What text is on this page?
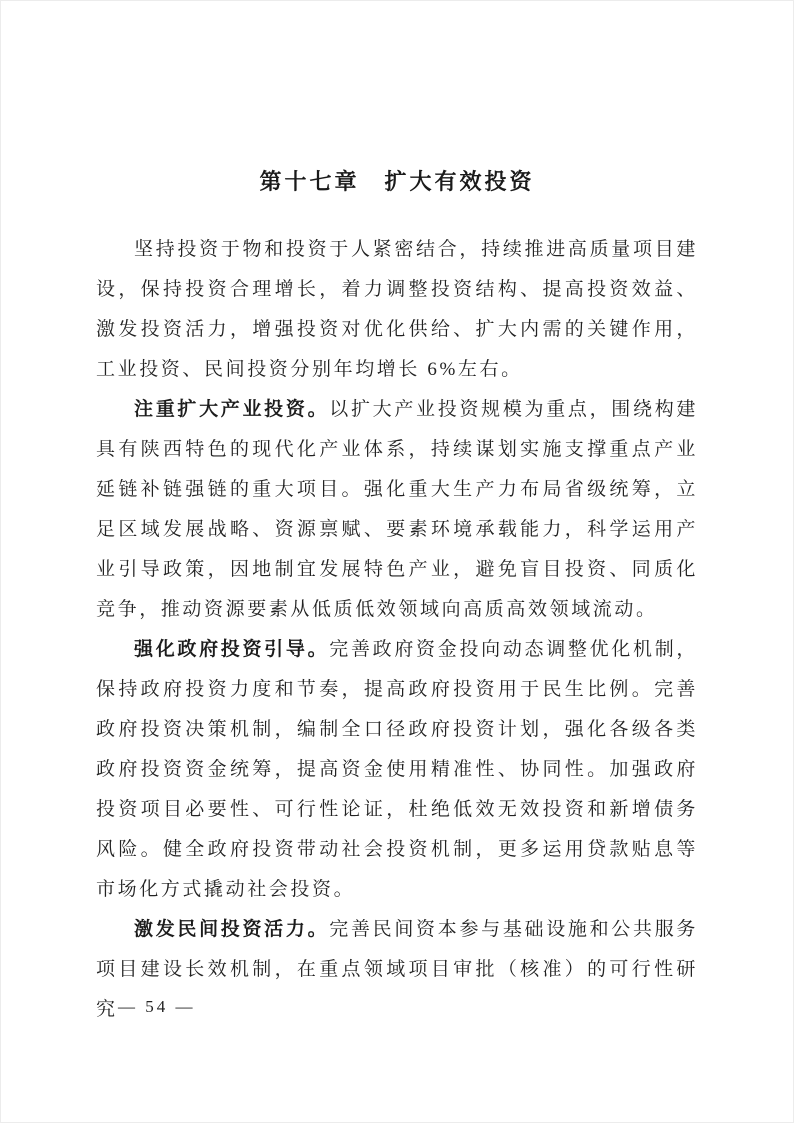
第十七章　扩大有效投资

坚持投资于物和投资于人紧密结合，持续推进高质量项目建设，保持投资合理增长，着力调整投资结构、提高投资效益、激发投资活力，增强投资对优化供给、扩大内需的关键作用，工业投资、民间投资分别年均增长 6%左右。

注重扩大产业投资。以扩大产业投资规模为重点，围绕构建具有陕西特色的现代化产业体系，持续谋划实施支撑重点产业延链补链强链的重大项目。强化重大生产力布局省级统筹，立足区域发展战略、资源禀赋、要素环境承载能力，科学运用产业引导政策，因地制宜发展特色产业，避免盲目投资、同质化竞争，推动资源要素从低质低效领域向高质高效领域流动。

强化政府投资引导。完善政府资金投向动态调整优化机制，保持政府投资力度和节奏，提高政府投资用于民生比例。完善政府投资决策机制，编制全口径政府投资计划，强化各级各类政府投资资金统筹，提高资金使用精准性、协同性。加强政府投资项目必要性、可行性论证，杜绝低效无效投资和新增债务风险。健全政府投资带动社会投资机制，更多运用贷款贴息等市场化方式撬动社会投资。

激发民间投资活力。完善民间资本参与基础设施和公共服务项目建设长效机制，在重点领域项目审批（核准）的可行性研究 — 54 —
